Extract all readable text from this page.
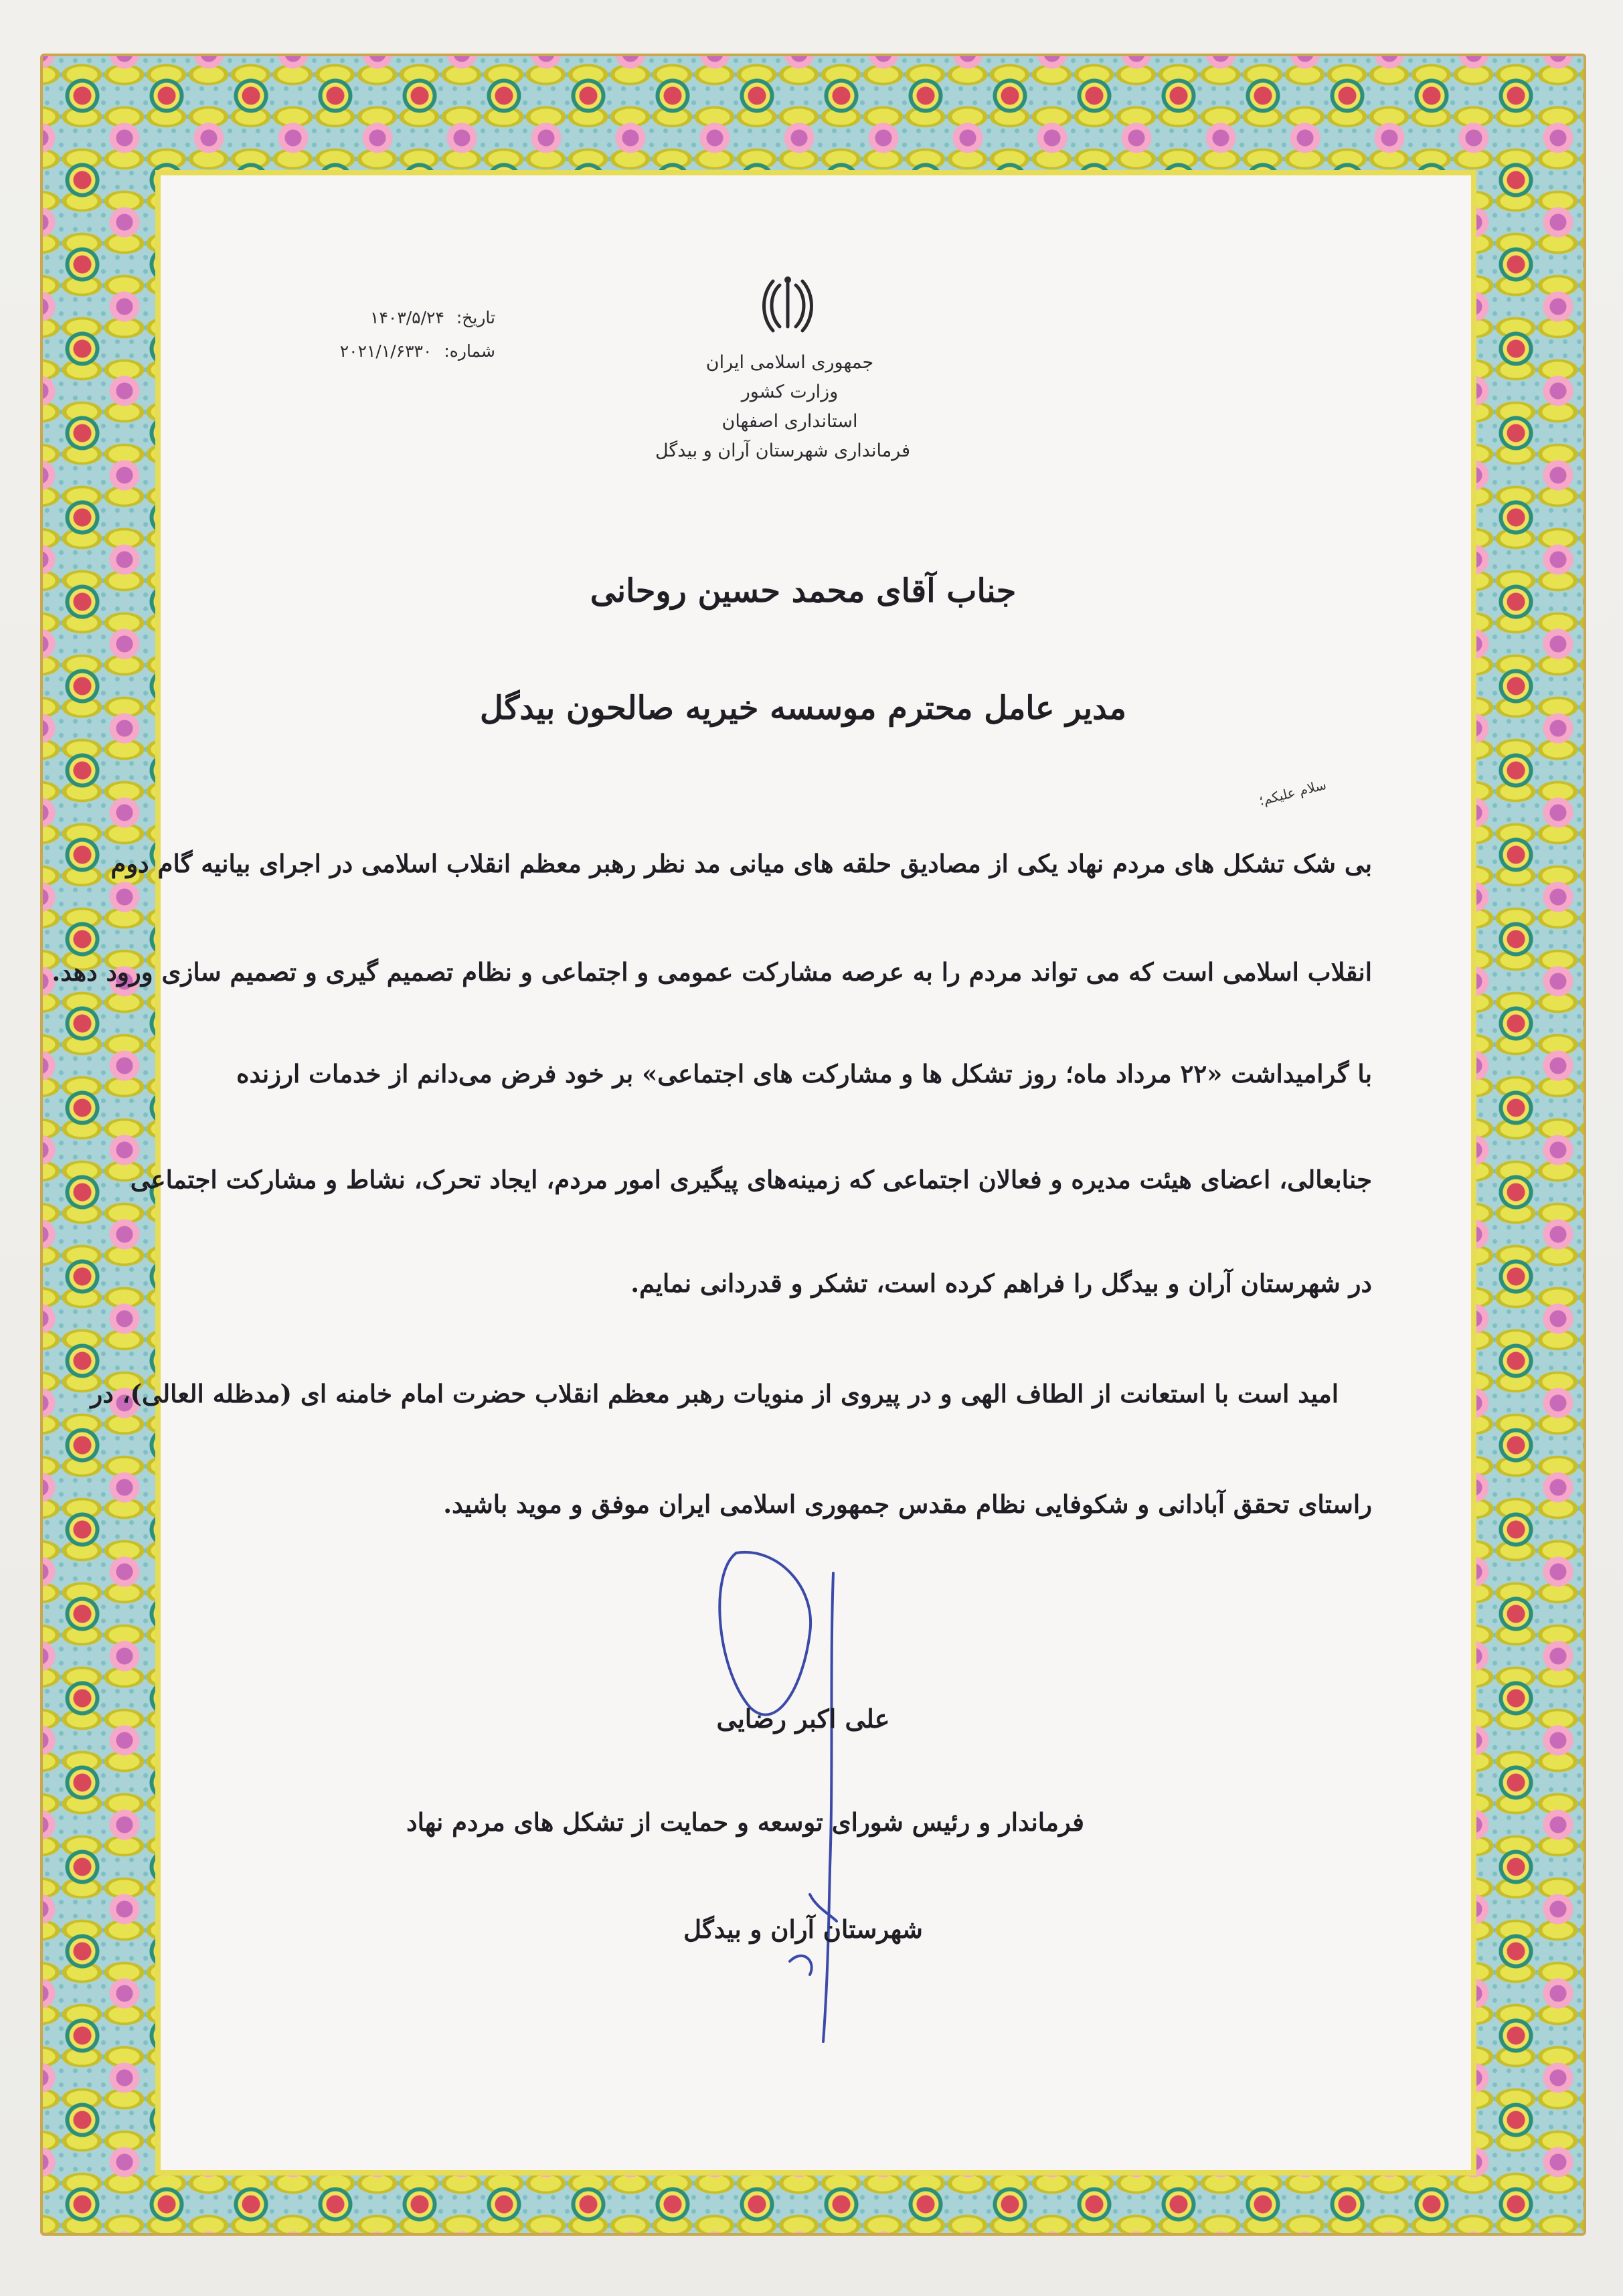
جمهوری اسلامی ایران
وزارت کشور
استانداری اصفهان
فرمانداری شهرستان آران و بیدگل
تاریخ: ۱۴۰۳/۵/۲۴
شماره: ۲۰۲۱/۱/۶۳۳۰
جناب آقای محمد حسین روحانی
مدیر عامل محترم موسسه خیریه صالحون بیدگل
سلام علیکم؛
بی شک تشکل های مردم نهاد یکی از مصادیق حلقه های میانی مد نظر رهبر معظم انقلاب اسلامی در اجرای بیانیه گام دوم
انقلاب اسلامی است که می تواند مردم را به عرصه مشارکت عمومی و اجتماعی و نظام تصمیم گیری و تصمیم سازی ورود دهد.
با گرامیداشت «۲۲ مرداد ماه؛ روز تشکل ها و مشارکت های اجتماعی» بر خود فرض می‌دانم از خدمات ارزنده
جنابعالی، اعضای هیئت مدیره و فعالان اجتماعی که زمینه‌های پیگیری امور مردم، ایجاد تحرک، نشاط و مشارکت اجتماعی
در شهرستان آران و بیدگل را فراهم کرده است، تشکر و قدردانی نمایم.
امید است با استعانت از الطاف الهی و در پیروی از منویات رهبر معظم انقلاب حضرت امام خامنه ای (مدظله العالی)، در
راستای تحقق آبادانی و شکوفایی نظام مقدس جمهوری اسلامی ایران موفق و موید باشید.
علی اکبر رضایی
فرماندار و رئیس شورای توسعه و حمایت از تشکل های مردم نهاد
شهرستان آران و بیدگل
